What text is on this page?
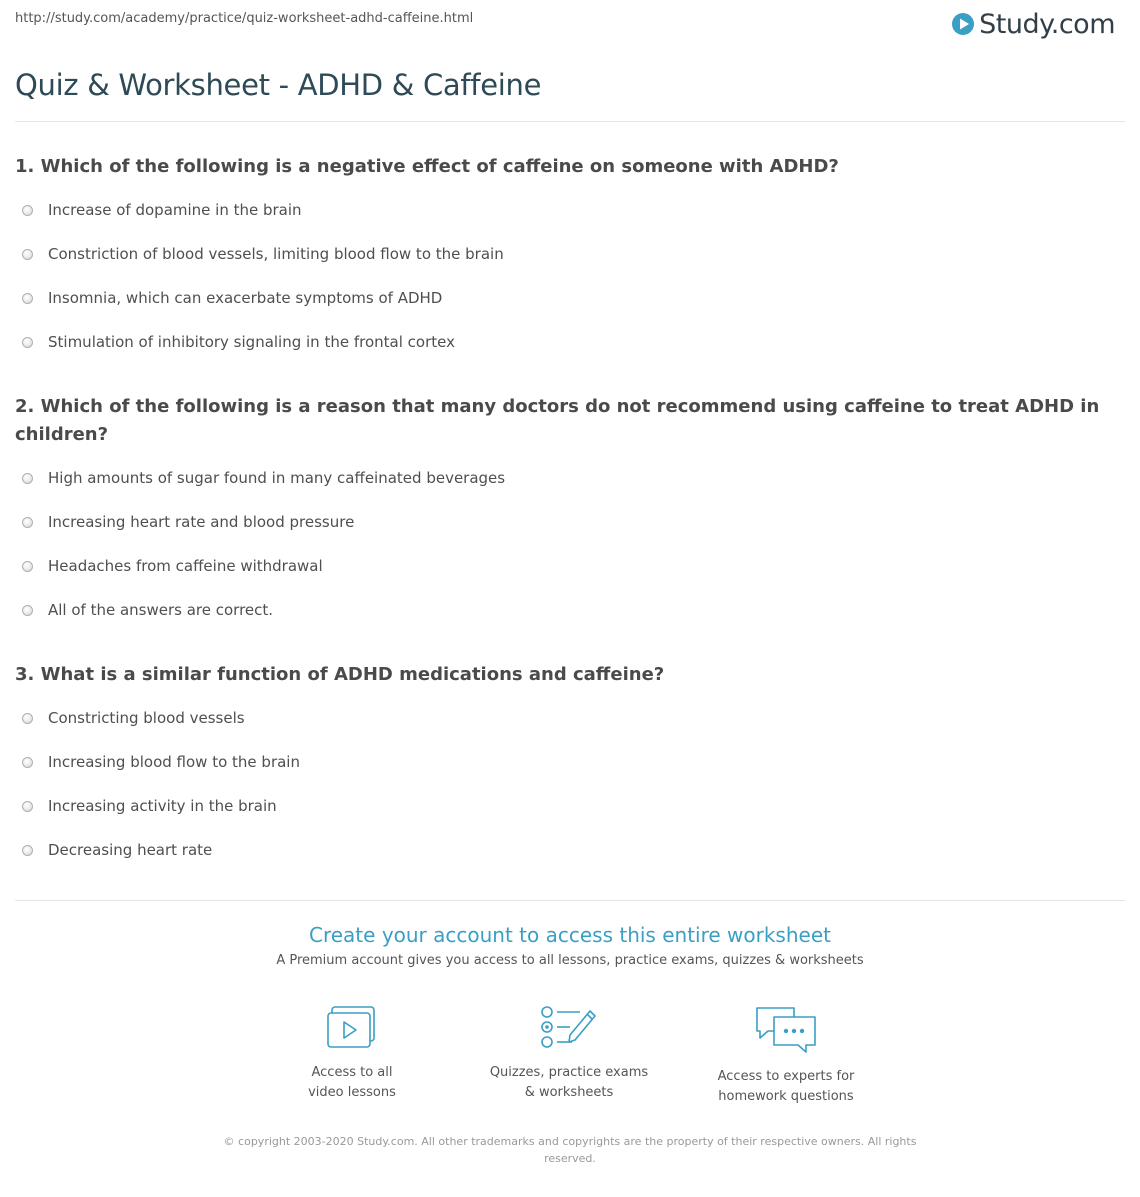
http://study.com/academy/practice/quiz-worksheet-adhd-caffeine.html	Study.com
Quiz & Worksheet - ADHD & Caffeine

1. Which of the following is a negative effect of caffeine on someone with ADHD?

Increase of dopamine in the brain
Constriction of blood vessels, limiting blood flow to the brain
Insomnia, which can exacerbate symptoms of ADHD
Stimulation of inhibitory signaling in the frontal cortex

2. Which of the following is a reason that many doctors do not recommend using caffeine to treat ADHD in children?

High amounts of sugar found in many caffeinated beverages
Increasing heart rate and blood pressure
Headaches from caffeine withdrawal
All of the answers are correct.

3. What is a similar function of ADHD medications and caffeine?

Constricting blood vessels
Increasing blood flow to the brain
Increasing activity in the brain
Decreasing heart rate
Create your account to access this entire worksheet
A Premium account gives you access to all lessons, practice exams, quizzes & worksheets
Access to all
video lessons
Quizzes, practice exams
& worksheets
Access to experts for
homework questions
© copyright 2003-2020 Study.com. All other trademarks and copyrights are the property of their respective owners. All rights reserved.
